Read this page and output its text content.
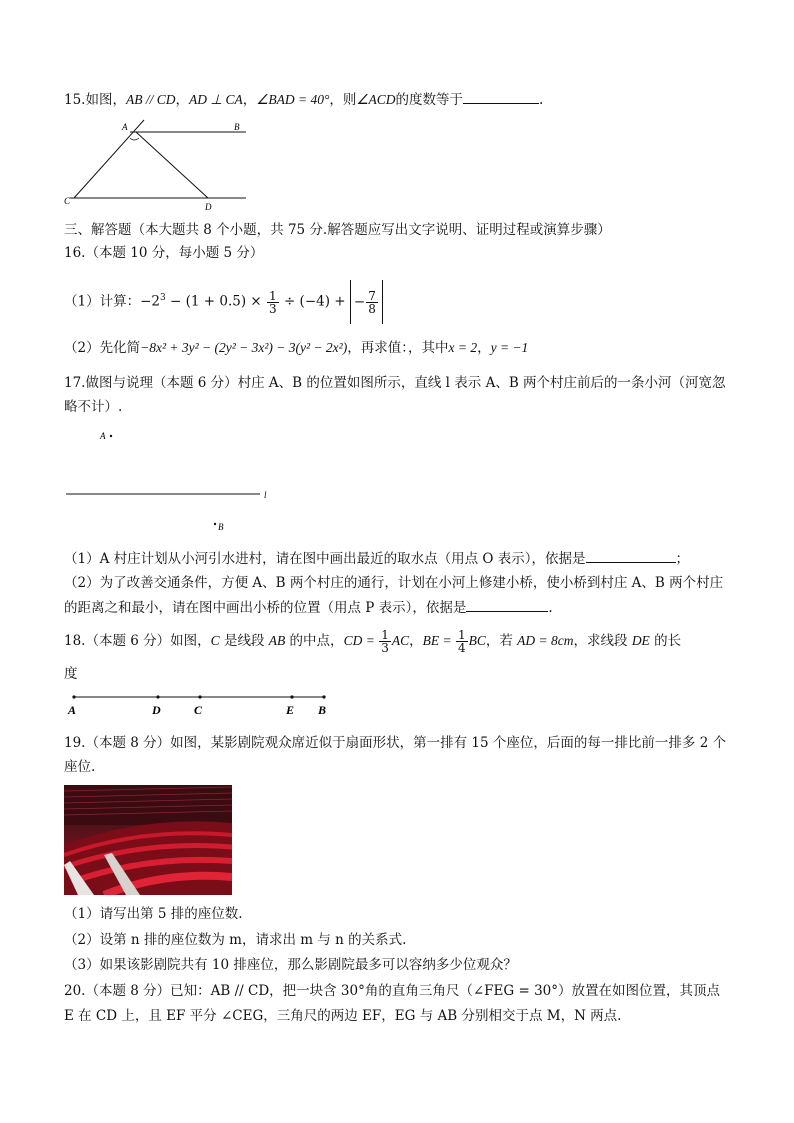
15.如图，AB // CD，AD ⊥ CA，∠BAD = 40°，则∠ACD的度数等于	.
A	B
C
D
三、解答题（本大题共 8 个小题，共 75 分.解答题应写出文字说明、证明过程或演算步骤）
16.（本题 10 分，每小题 5 分）
（1）计算：$-2^3 - (1 + 0.5) \times \frac{1}{3} \div (-4)$ + − $\frac{7}{8}$
（2）先化简−8x² + 3y² − (2y² − 3x²) − 3(y² − 2x²)，再求值：，其中x = 2，y = −1
17.做图与说理（本题 6 分）村庄 A、B 的位置如图所示，直线 l 表示 A、B 两个村庄前后的一条小河（河宽忽
略不计）.
A
l
B
（1）A 村庄计划从小河引水进村，请在图中画出最近的取水点（用点 O 表示），依据是	；
（2）为了改善交通条件，方便 A、B 两个村庄的通行，计划在小河上修建小桥，使小桥到村庄 A、B 两个村庄
的距离之和最小，请在图中画出小桥的位置（用点 P 表示），依据是	.
18.（本题 6 分）如图，C 是线段 AB 的中点，CD = $\frac{1}{3}$ AC，BE = $\frac{1}{4}$ BC，若 AD = 8cm，求线段 DE 的长
度
A	D	C	E B
19.（本题 8 分）如图，某影剧院观众席近似于扇面形状，第一排有 15 个座位，后面的每一排比前一排多 2 个
座位.
（1）请写出第 5 排的座位数.
（2）设第 n 排的座位数为 m，请求出 m 与 n 的关系式.
（3）如果该影剧院共有 10 排座位，那么影剧院最多可以容纳多少位观众？
20.（本题 8 分）已知：AB // CD，把一块含 30°角的直角三角尺（∠FEG = 30°）放置在如图位置，其顶点
E 在 CD 上，且 EF 平分 ∠CEG，三角尺的两边 EF，EG 与 AB 分别相交于点 M，N 两点.
